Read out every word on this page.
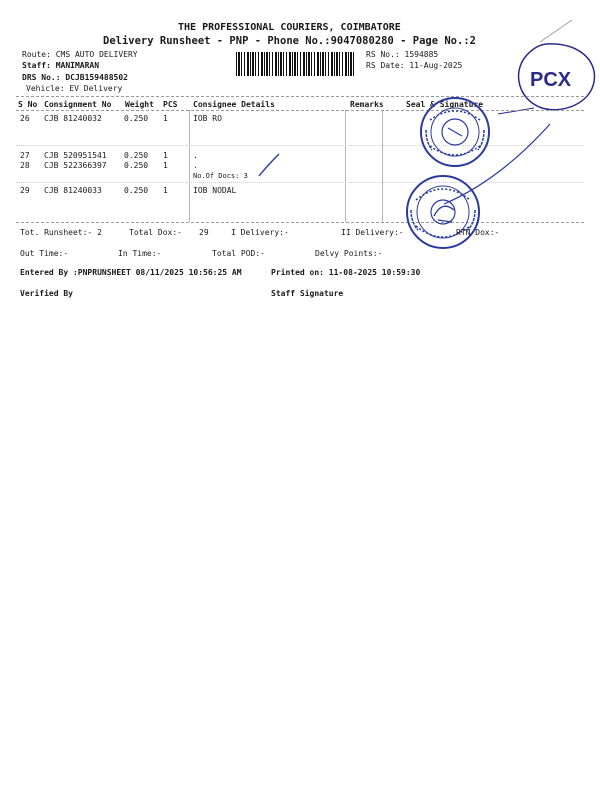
THE PROFESSIONAL COURIERS, COIMBATORE
Delivery Runsheet - PNP - Phone No.:9047080280 - Page No.:2
Route: CMS AUTO DELIVERY
Staff: MANIMARAN
DRS No.: DCJB159488502
Vehicle: EV Delivery
RS No.: 1594885
RS Date: 11-Aug-2025
PCX
S No Consignment No Weight PCS Consignee Details	Remarks	Seal & Signature
26 CJB 81240032	0.250 1	IOB RO
27 CJB 520951541 0.250 1	.
28 CJB 522366397 0.250 1	.
No.Of Docs: 3
29 CJB 81240033	0.250 1	IOB NODAL
Tot. Runsheet:- 2	Total Dox:- 29	I Delivery:-	II Delivery:-	RTN Dox:-
Out Time:-	In Time:-	Total POD:-	Delvy Points:-
Entered By :PNPRUNSHEET 08/11/2025 10:56:25 AM	Printed on: 11-08-2025 10:59:30
Verified By	Staff Signature
